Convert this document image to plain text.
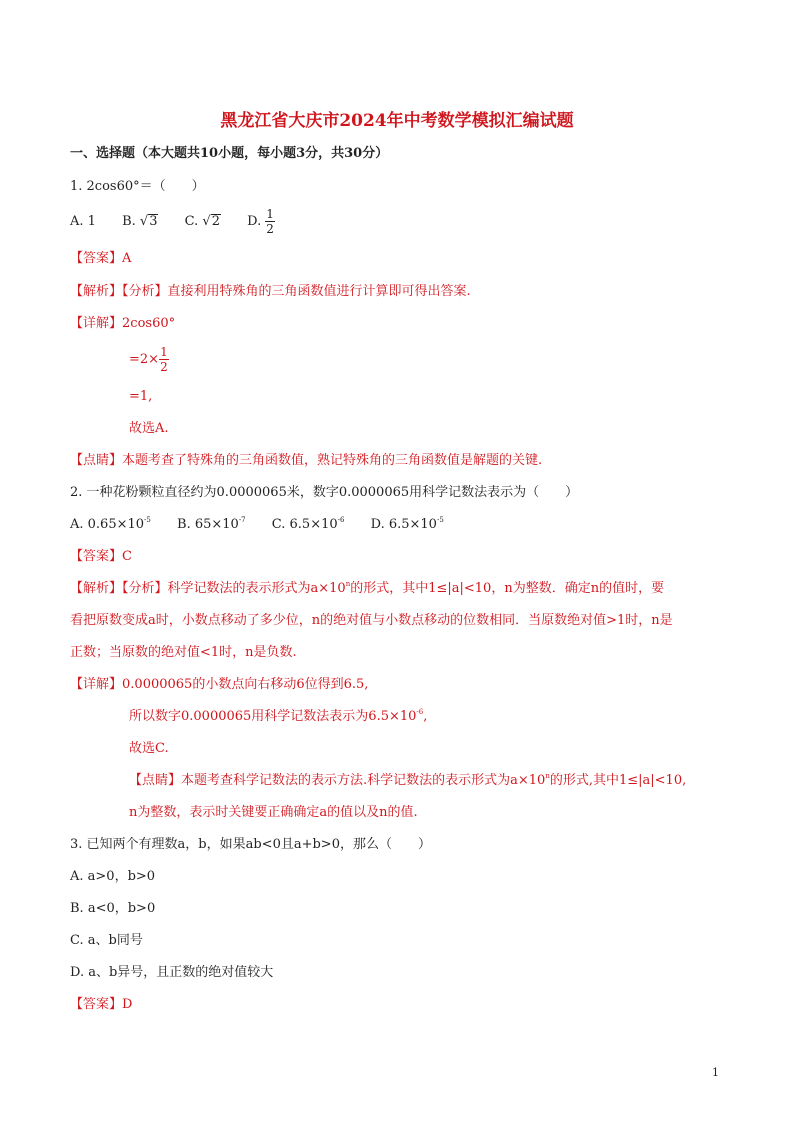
黑龙江省大庆市2024年中考数学模拟汇编试题
一、选择题（本大题共10小题，每小题3分，共30分）
1. 2cos60°＝（　　）
A. 1 B. √3 C. √2 D. $\frac{1}{2}$
【答案】A
【解析】【分析】直接利用特殊角的三角函数值进行计算即可得出答案.
【详解】2cos60°
$=2\times \frac{1}{2}$
=1,
故选A.
【点睛】本题考查了特殊角的三角函数值，熟记特殊角的三角函数值是解题的关键.
2. 一种花粉颗粒直径约为0.0000065米，数字0.0000065用科学记数法表示为（　　）
A. $0.65\times 10^{-5}$ B. $65\times 10^{-7}$ C. $6.5\times 10^{-6}$ D. $6.5\times 10^{-5}$
【答案】C
【解析】【分析】科学记数法的表示形式为$a\times 10^n$的形式，其中1≤|a|<10，n为整数．确定n的值时，要
看把原数变成a时，小数点移动了多少位，n的绝对值与小数点移动的位数相同．当原数绝对值>1时，n是
正数；当原数的绝对值<1时，n是负数.
【详解】0.0000065的小数点向右移动6位得到6.5,
所以数字0.0000065用科学记数法表示为$6.5\times 10^{-6}$,
故选C.
【点睛】本题考查科学记数法的表示方法.科学记数法的表示形式为$a\times 10^n$的形式,其中1≤|a|<10,
n为整数，表示时关键要正确确定a的值以及n的值.
3. 已知两个有理数a，b，如果ab<0且a+b>0，那么（　　）
A. a>0，b>0
B. a<0，b>0
C. a、b同号
D. a、b异号，且正数的绝对值较大
【答案】D
1
